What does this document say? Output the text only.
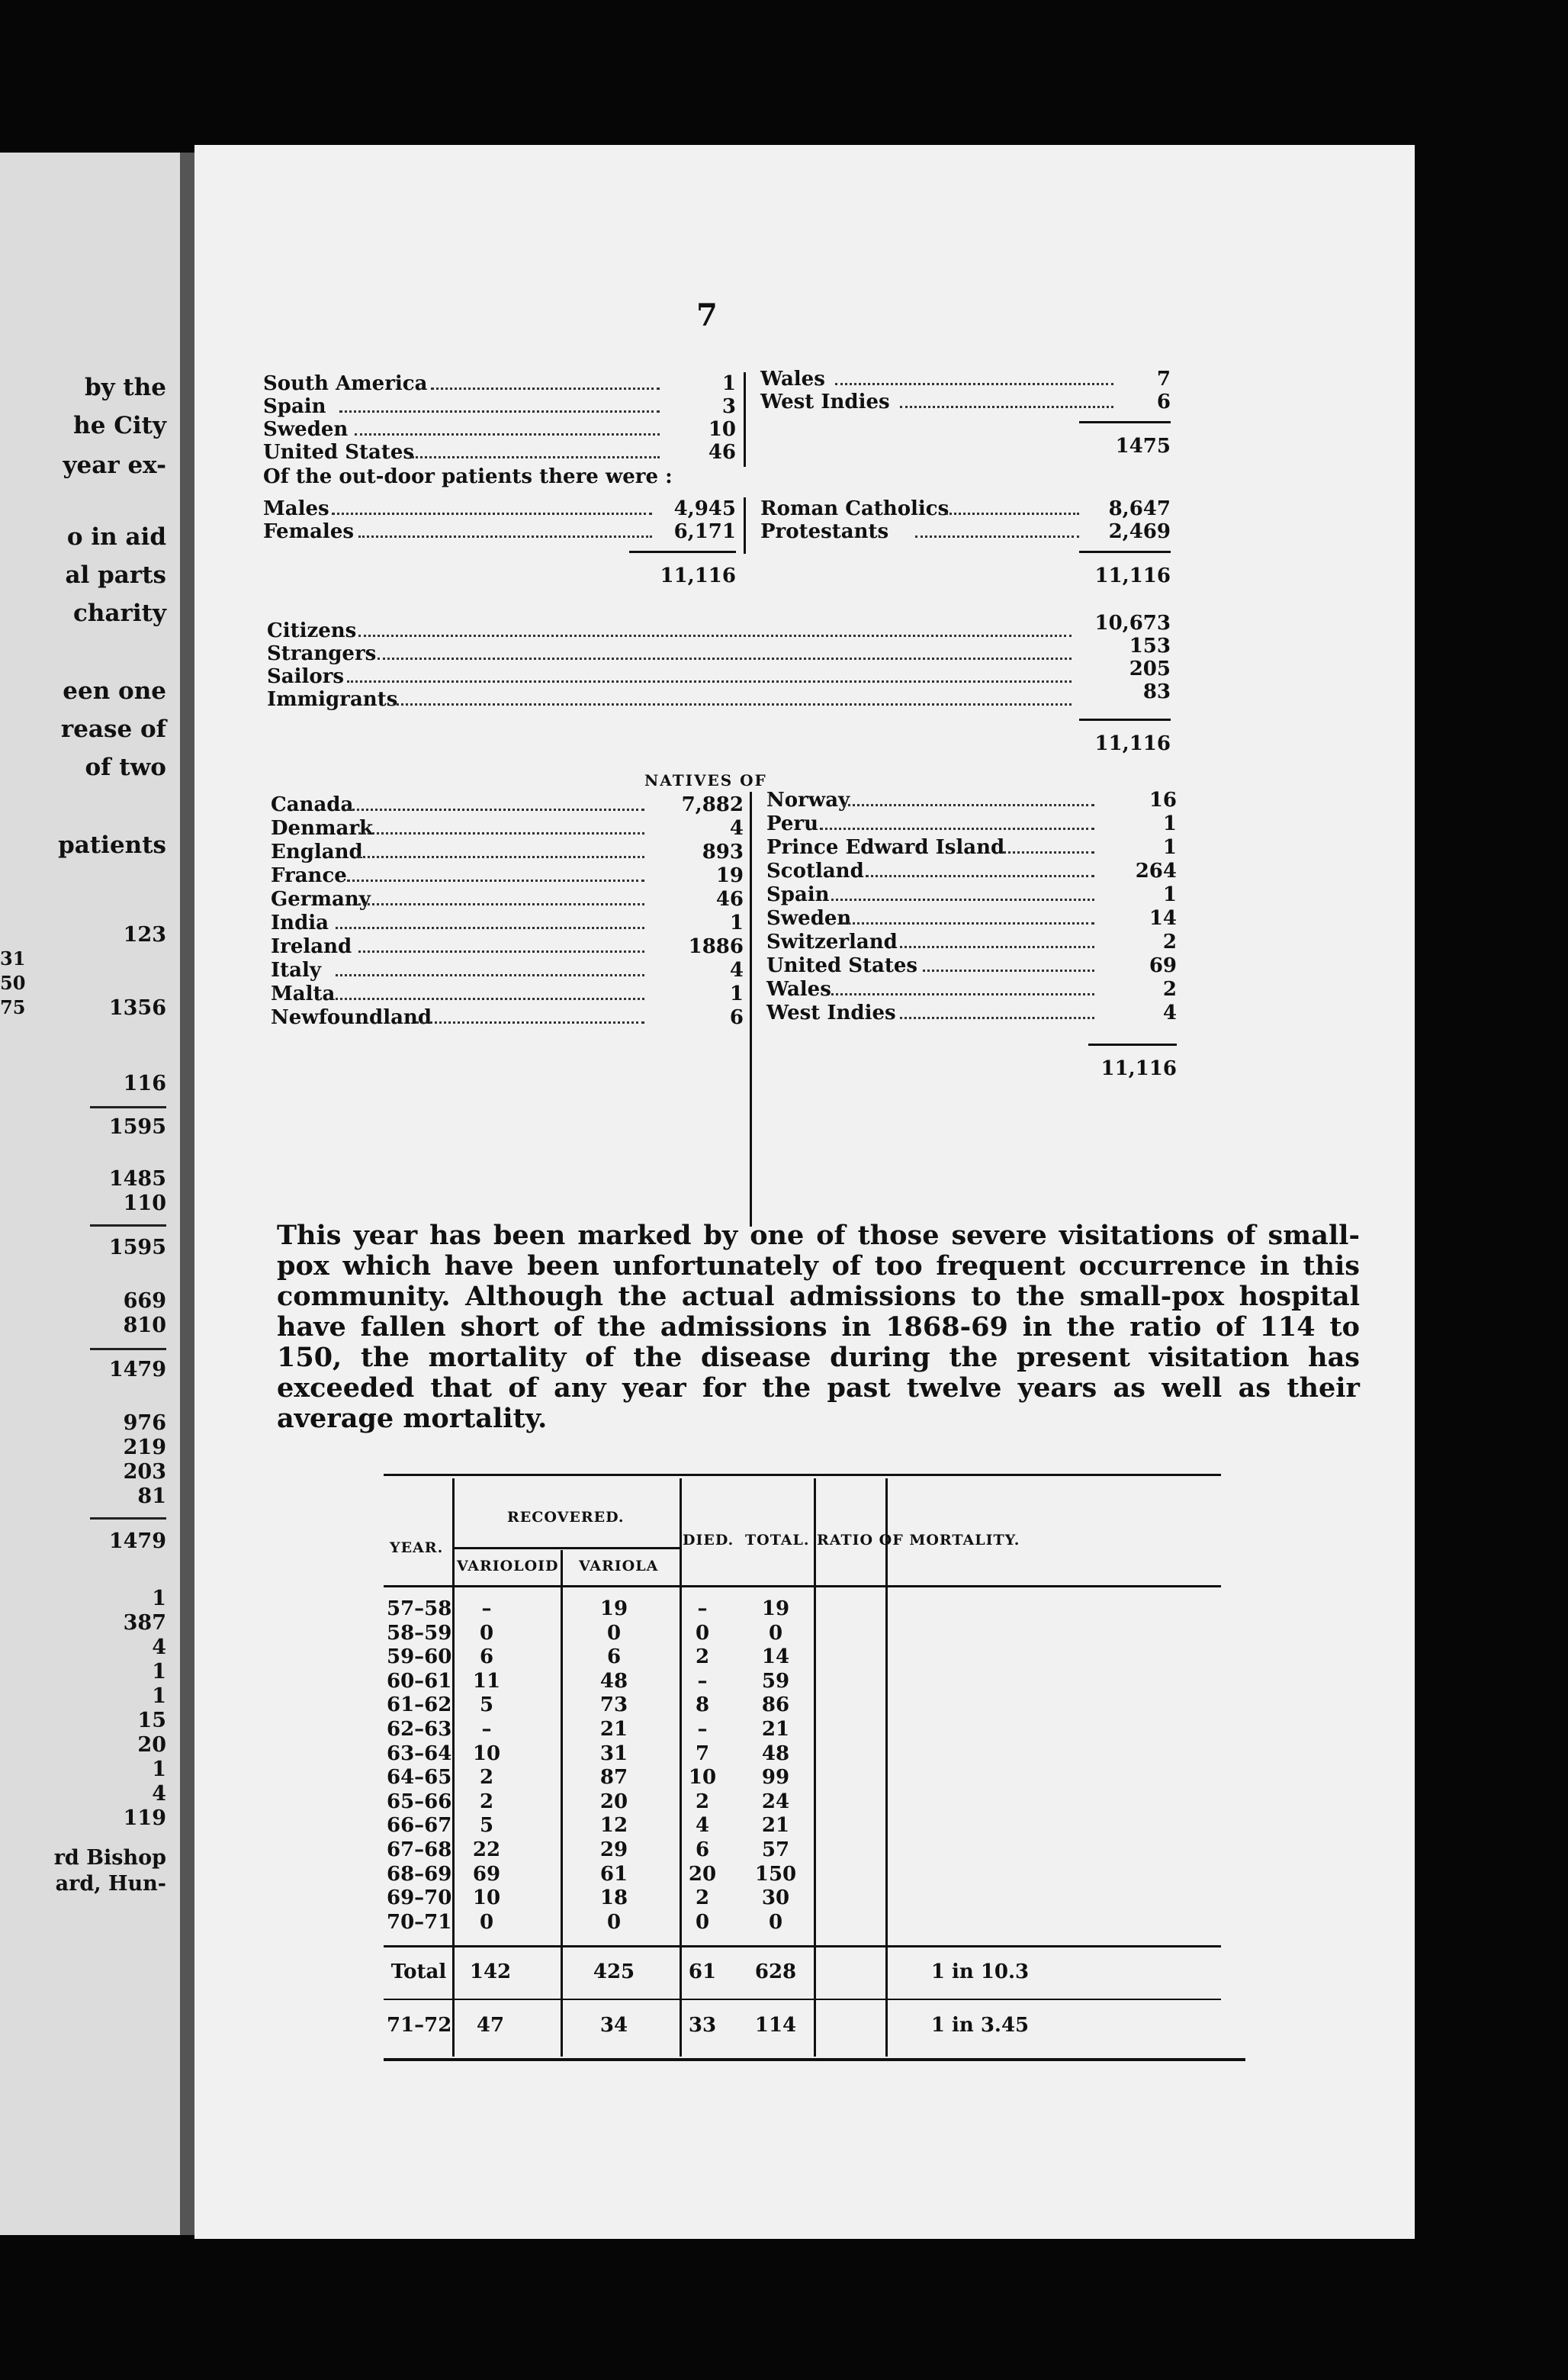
by the
he City
year ex-
o in aid
al parts
charity
een one
rease of
of two
patients
123
31
50
75	1356
116
1595
1485
110
1595
669
810
1479
976
219
203
81
1479
1
387
4
1
1
15
20
1
4
119
rd Bishop
ard, Hun-
7
South America	1
Spain	3
Sweden	10
United States	46
Wales	7
West Indies	6
1475
Of the out-door patients there were :
Males	4,945
Females	6,171
11,116
Roman Catholics	8,647
Protestants	2,469
11,116
Citizens	10,673
Strangers	153
Sailors	205
Immigrants	83
11,116
NATIVES OF
Canada	7,882
Denmark	4
England	893
France	19
Germany	46
India	1
Ireland	1886
Italy	4
Malta	1
Newfoundland	6
Norway	16
Peru	1
Prince Edward Island	1
Scotland	264
Spain	1
Sweden	14
Switzerland	2
United States	69
Wales	2
West Indies	4
11,116
This year has been marked by one of those severe visitations of small-pox which have been unfortunately of too frequent occurrence in this community. Although the actual admissions to the small-pox hospital have fallen short of the admissions in 1868-69 in the ratio of 114 to 150, the mortality of the disease during the present visitation has exceeded that of any year for the past twelve years as well as their average mortality.
YEAR.
RECOVERED.
VARIOLOID VARIOLA
DIED. TOTAL. RATIO OF MORTALITY.
57–58	–	19	–	19
58–59	0	0	0	0
59–60	6	6	2	14
60–61	11	48	–	59
61–62	5	73	8	86
62–63	–	21	–	21
63–64	10	31	7	48
64–65	2	87	10	99
65–66	2	20	2	24
66–67	5	12	4	21
67–68	22	29	6	57
68–69	69	61	20	150
69–70	10	18	2	30
70–71	0	0	0	0
Total	142	425	61	628	1 in 10.3
71–72	47	34	33	114	1 in 3.45
